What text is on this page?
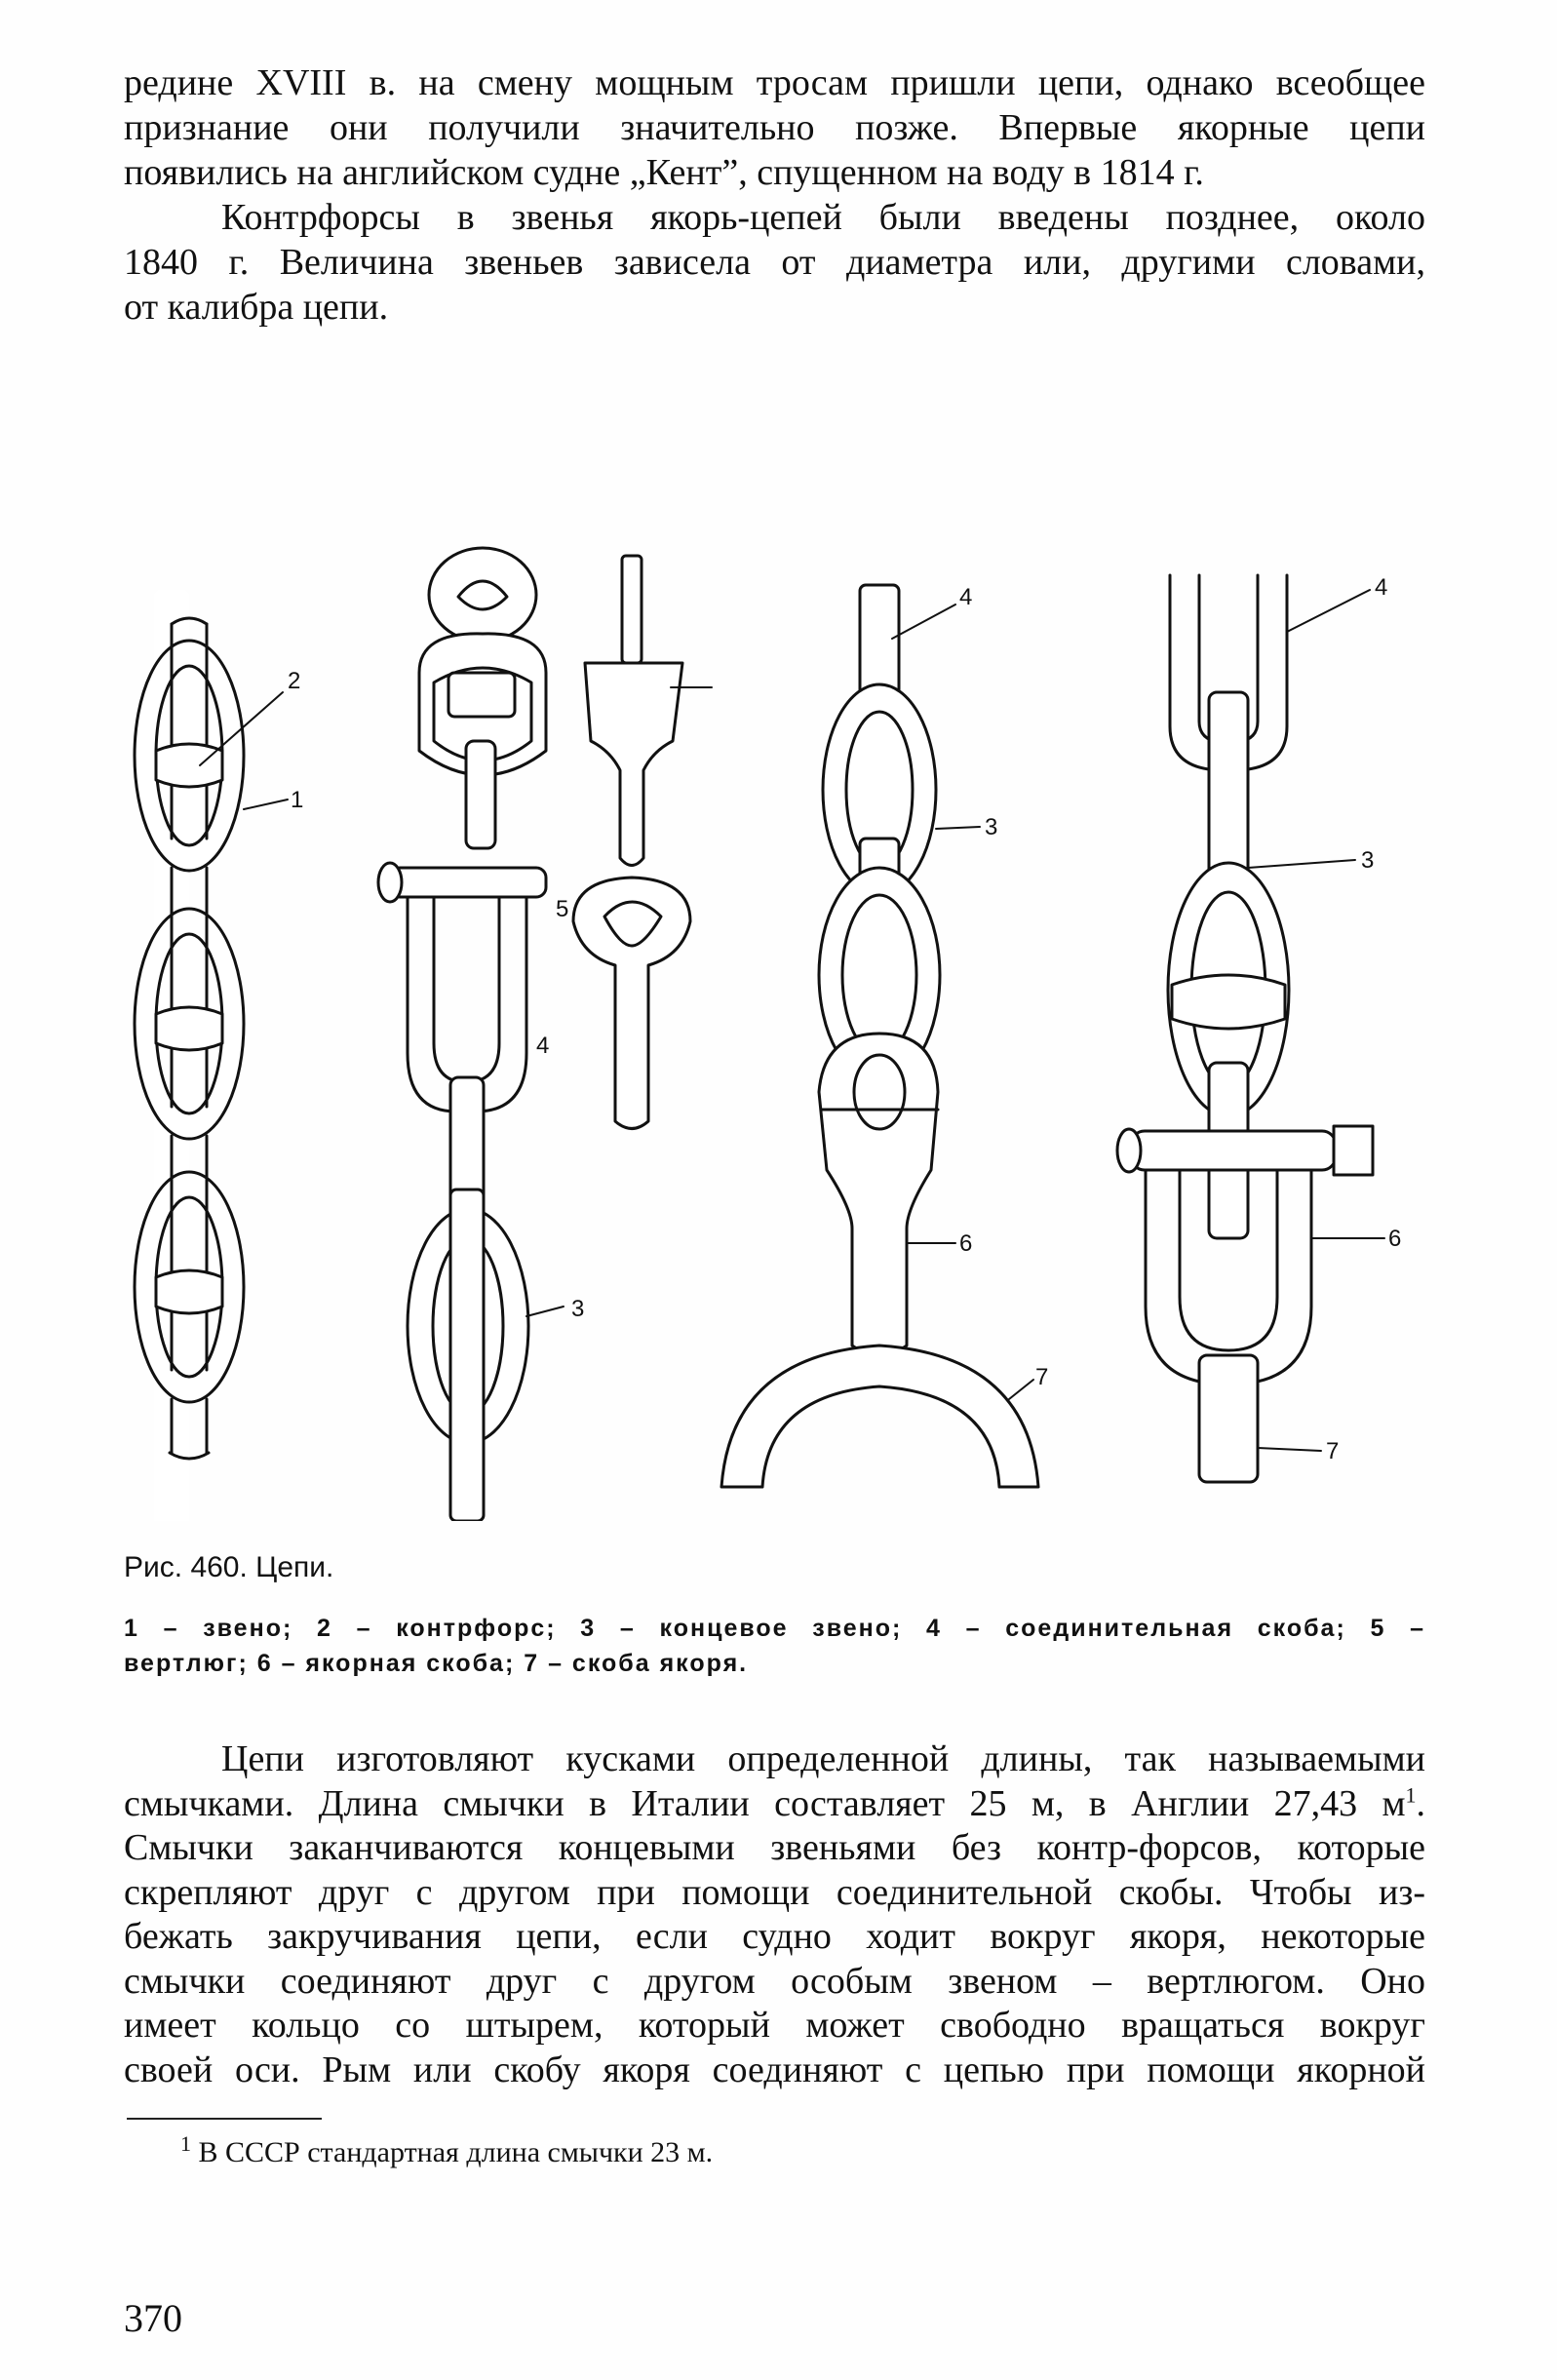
редине XVIII в. на смену мощным тросам пришли цепи, однако всеобщее
признание они получили значительно позже. Впервые якорные цепи
появились на английском судне „Кент”, спущенном на воду в 1814 г.
Контрфорсы в звенья якорь-цепей были введены позднее, около
1840 г. Величина звеньев зависела от диаметра или, другими словами,
от калибра цепи.
2
1
4
3
5
4
3
6
7
4
3
6
7
Рис. 460. Цепи.
1 – звено; 2 – контрфорс; 3 – концевое звено; 4 – соединительная скоба; 5 –
вертлюг; 6 – якорная скоба; 7 – скоба якоря.
Цепи изготовляют кусками определенной длины, так называемыми
смычками. Длина смычки в Италии составляет 25 м, в Англии 27,43 $м^1$.
Смычки заканчиваются концевыми звеньями без контр-форсов, которые
скрепляют друг с другом при помощи соединительной скобы. Чтобы из-
бежать закручивания цепи, если судно ходит вокруг якоря, некоторые
смычки соединяют друг с другом особым звеном – вертлюгом. Оно
имеет кольцо со штырем, который может свободно вращаться вокруг
своей оси. Рым или скобу якоря соединяют с цепью при помощи якорной
$^1$ В СССР стандартная длина смычки 23 м.
370
